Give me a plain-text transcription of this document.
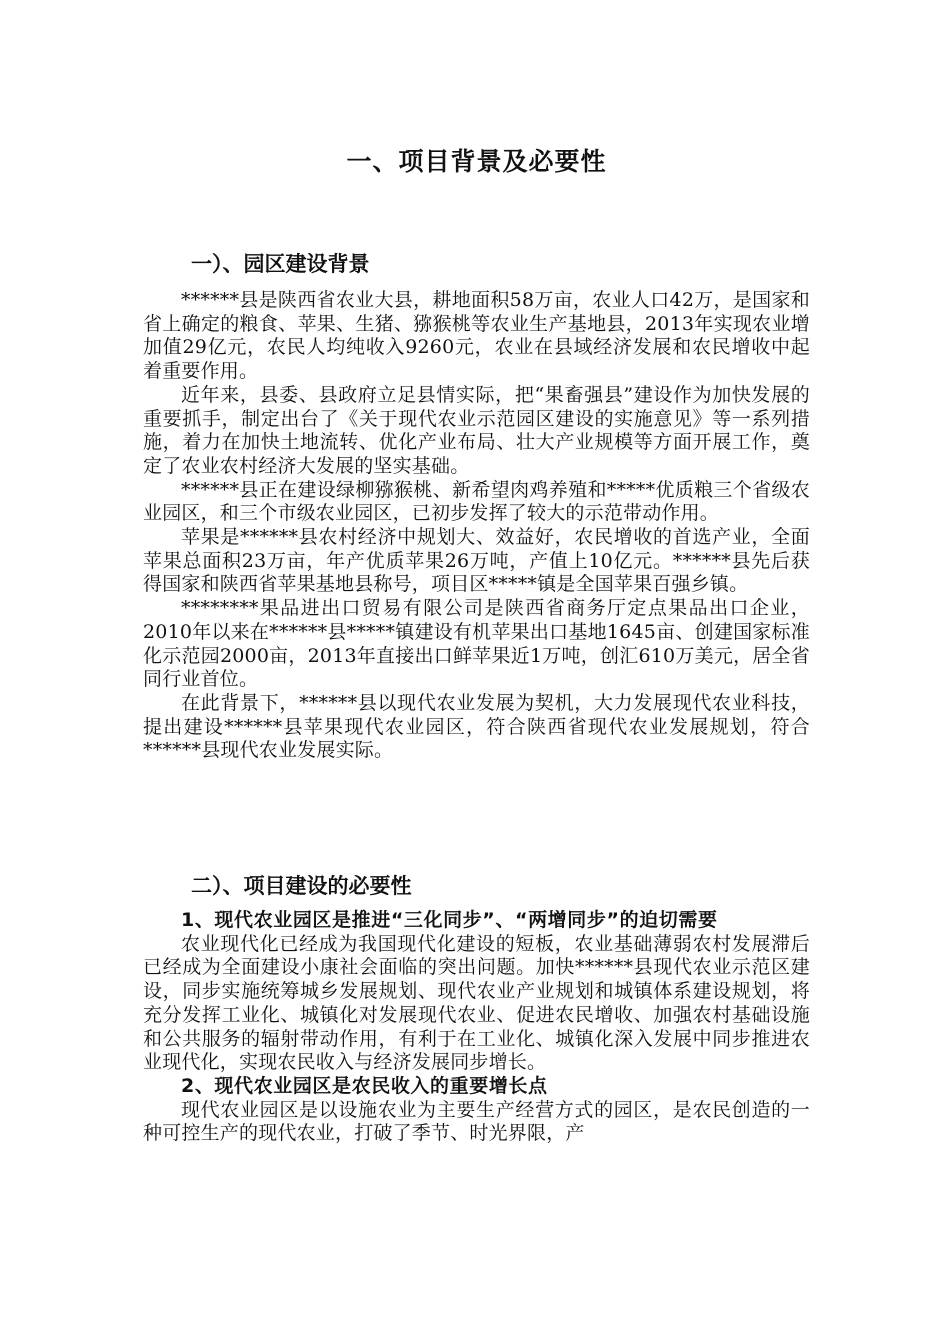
一、项目背景及必要性
一）、园区建设背景

******县是陕西省农业大县，耕地面积58万亩，农业人口42万，是国家和省上确定的粮食、苹果、生猪、猕猴桃等农业生产基地县，2013年实现农业增加值29亿元，农民人均纯收入9260元，农业在县域经济发展和农民增收中起着重要作用。

近年来，县委、县政府立足县情实际，把“果畜强县”建设作为加快发展的重要抓手，制定出台了《关于现代农业示范园区建设的实施意见》等一系列措施，着力在加快土地流转、优化产业布局、壮大产业规模等方面开展工作，奠定了农业农村经济大发展的坚实基础。

******县正在建设绿柳猕猴桃、新希望肉鸡养殖和*****优质粮三个省级农业园区，和三个市级农业园区，已初步发挥了较大的示范带动作用。

苹果是******县农村经济中规划大、效益好，农民增收的首选产业，全面苹果总面积23万亩，年产优质苹果26万吨，产值上10亿元。******县先后获得国家和陕西省苹果基地县称号，项目区*****镇是全国苹果百强乡镇。

********果品进出口贸易有限公司是陕西省商务厅定点果品出口企业，2010年以来在******县*****镇建设有机苹果出口基地1645亩、创建国家标准化示范园2000亩，2013年直接出口鲜苹果近1万吨，创汇610万美元，居全省同行业首位。

在此背景下，******县以现代农业发展为契机，大力发展现代农业科技，提出建设******县苹果现代农业园区，符合陕西省现代农业发展规划，符合******县现代农业发展实际。

二）、项目建设的必要性

1、现代农业园区是推进“三化同步”、“两增同步”的迫切需要

农业现代化已经成为我国现代化建设的短板，农业基础薄弱农村发展滞后已经成为全面建设小康社会面临的突出问题。加快******县现代农业示范区建设，同步实施统筹城乡发展规划、现代农业产业规划和城镇体系建设规划，将充分发挥工业化、城镇化对发展现代农业、促进农民增收、加强农村基础设施和公共服务的辐射带动作用，有利于在工业化、城镇化深入发展中同步推进农业现代化，实现农民收入与经济发展同步增长。

2、现代农业园区是农民收入的重要增长点

现代农业园区是以设施农业为主要生产经营方式的园区，是农民创造的一种可控生产的现代农业，打破了季节、时光界限，产
